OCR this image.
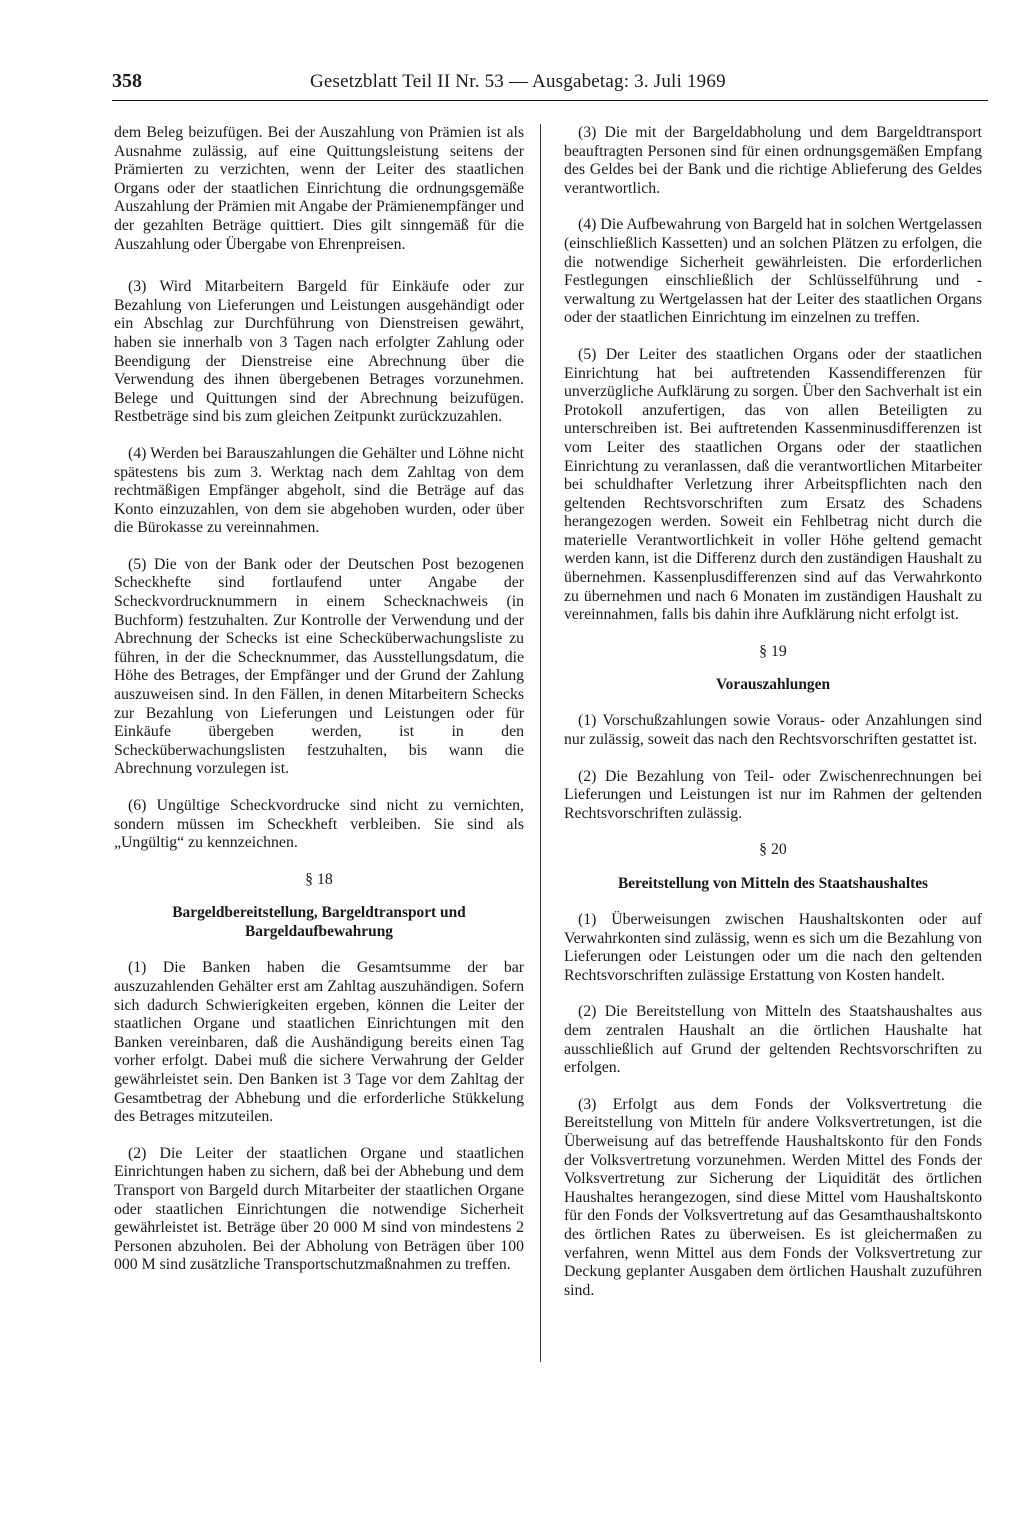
358	Gesetzblatt Teil II Nr. 53 — Ausgabetag: 3. Juli 1969

dem Beleg beizufügen. Bei der Auszahlung von Prämien ist als Ausnahme zulässig, auf eine Quittungsleistung seitens der Prämierten zu verzichten, wenn der Leiter des staatlichen Organs oder der staatlichen Einrichtung die ordnungsgemäße Auszahlung der Prämien mit Angabe der Prämienempfänger und der gezahlten Beträge quittiert. Dies gilt sinngemäß für die Auszahlung oder Übergabe von Ehrenpreisen.

(3) Wird Mitarbeitern Bargeld für Einkäufe oder zur Bezahlung von Lieferungen und Leistungen ausgehändigt oder ein Abschlag zur Durchführung von Dienstreisen gewährt, haben sie innerhalb von 3 Tagen nach erfolgter Zahlung oder Beendigung der Dienstreise eine Abrechnung über die Verwendung des ihnen übergebenen Betrages vorzunehmen. Belege und Quittungen sind der Abrechnung beizufügen. Restbeträge sind bis zum gleichen Zeitpunkt zurückzuzahlen.

(4) Werden bei Barauszahlungen die Gehälter und Löhne nicht spätestens bis zum 3. Werktag nach dem Zahltag von dem rechtmäßigen Empfänger abgeholt, sind die Beträge auf das Konto einzuzahlen, von dem sie abgehoben wurden, oder über die Bürokasse zu vereinnahmen.

(5) Die von der Bank oder der Deutschen Post bezogenen Scheckhefte sind fortlaufend unter Angabe der Scheckvordrucknummern in einem Schecknachweis (in Buchform) festzuhalten. Zur Kontrolle der Verwendung und der Abrechnung der Schecks ist eine Schecküberwachungsliste zu führen, in der die Schecknummer, das Ausstellungsdatum, die Höhe des Betrages, der Empfänger und der Grund der Zahlung auszuweisen sind. In den Fällen, in denen Mitarbeitern Schecks zur Bezahlung von Lieferungen und Leistungen oder für Einkäufe übergeben werden, ist in den Schecküberwachungslisten festzuhalten, bis wann die Abrechnung vorzulegen ist.

(6) Ungültige Scheckvordrucke sind nicht zu vernichten, sondern müssen im Scheckheft verbleiben. Sie sind als „Ungültig“ zu kennzeichnen.

§ 18
Bargeldbereitstellung, Bargeldtransport und
Bargeldaufbewahrung

(1) Die Banken haben die Gesamtsumme der bar auszuzahlenden Gehälter erst am Zahltag auszuhändigen. Sofern sich dadurch Schwierigkeiten ergeben, können die Leiter der staatlichen Organe und staatlichen Einrichtungen mit den Banken vereinbaren, daß die Aushändigung bereits einen Tag vorher erfolgt. Dabei muß die sichere Verwahrung der Gelder gewährleistet sein. Den Banken ist 3 Tage vor dem Zahltag der Gesamtbetrag der Abhebung und die erforderliche Stükkelung des Betrages mitzuteilen.

(2) Die Leiter der staatlichen Organe und staatlichen Einrichtungen haben zu sichern, daß bei der Abhebung und dem Transport von Bargeld durch Mitarbeiter der staatlichen Organe oder staatlichen Einrichtungen die notwendige Sicherheit gewährleistet ist. Beträge über 20 000 M sind von mindestens 2 Personen abzuholen. Bei der Abholung von Beträgen über 100 000 M sind zusätzliche Transportschutzmaßnahmen zu treffen.

(3) Die mit der Bargeldabholung und dem Bargeldtransport beauftragten Personen sind für einen ordnungsgemäßen Empfang des Geldes bei der Bank und die richtige Ablieferung des Geldes verantwortlich.

(4) Die Aufbewahrung von Bargeld hat in solchen Wertgelassen (einschließlich Kassetten) und an solchen Plätzen zu erfolgen, die die notwendige Sicherheit gewährleisten. Die erforderlichen Festlegungen einschließlich der Schlüsselführung und -verwaltung zu Wertgelassen hat der Leiter des staatlichen Organs oder der staatlichen Einrichtung im einzelnen zu treffen.

(5) Der Leiter des staatlichen Organs oder der staatlichen Einrichtung hat bei auftretenden Kassendifferenzen für unverzügliche Aufklärung zu sorgen. Über den Sachverhalt ist ein Protokoll anzufertigen, das von allen Beteiligten zu unterschreiben ist. Bei auftretenden Kassenminusdifferenzen ist vom Leiter des staatlichen Organs oder der staatlichen Einrichtung zu veranlassen, daß die verantwortlichen Mitarbeiter bei schuldhafter Verletzung ihrer Arbeitspflichten nach den geltenden Rechtsvorschriften zum Ersatz des Schadens herangezogen werden. Soweit ein Fehlbetrag nicht durch die materielle Verantwortlichkeit in voller Höhe geltend gemacht werden kann, ist die Differenz durch den zuständigen Haushalt zu übernehmen. Kassenplusdifferenzen sind auf das Verwahrkonto zu übernehmen und nach 6 Monaten im zuständigen Haushalt zu vereinnahmen, falls bis dahin ihre Aufklärung nicht erfolgt ist.

§ 19
Vorauszahlungen

(1) Vorschußzahlungen sowie Voraus- oder Anzahlungen sind nur zulässig, soweit das nach den Rechtsvorschriften gestattet ist.

(2) Die Bezahlung von Teil- oder Zwischenrechnungen bei Lieferungen und Leistungen ist nur im Rahmen der geltenden Rechtsvorschriften zulässig.

§ 20
Bereitstellung von Mitteln des Staatshaushaltes

(1) Überweisungen zwischen Haushaltskonten oder auf Verwahrkonten sind zulässig, wenn es sich um die Bezahlung von Lieferungen oder Leistungen oder um die nach den geltenden Rechtsvorschriften zulässige Erstattung von Kosten handelt.

(2) Die Bereitstellung von Mitteln des Staatshaushaltes aus dem zentralen Haushalt an die örtlichen Haushalte hat ausschließlich auf Grund der geltenden Rechtsvorschriften zu erfolgen.

(3) Erfolgt aus dem Fonds der Volksvertretung die Bereitstellung von Mitteln für andere Volksvertretungen, ist die Überweisung auf das betreffende Haushaltskonto für den Fonds der Volksvertretung vorzunehmen. Werden Mittel des Fonds der Volksvertretung zur Sicherung der Liquidität des örtlichen Haushaltes herangezogen, sind diese Mittel vom Haushaltskonto für den Fonds der Volksvertretung auf das Gesamthaushaltskonto des örtlichen Rates zu überweisen. Es ist gleichermaßen zu verfahren, wenn Mittel aus dem Fonds der Volksvertretung zur Deckung geplanter Ausgaben dem örtlichen Haushalt zuzuführen sind.
